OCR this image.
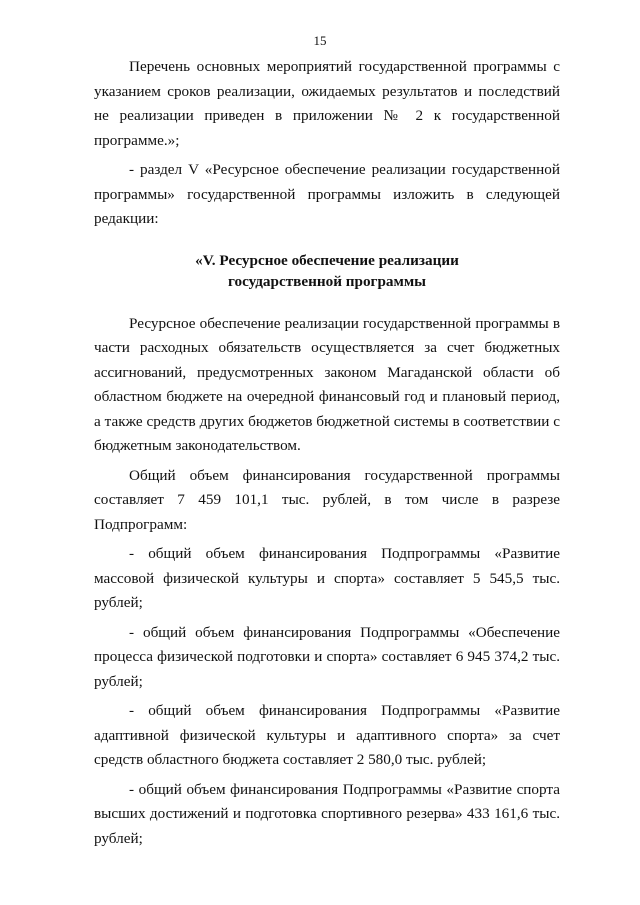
15

Перечень основных мероприятий государственной программы с указанием сроков реализации, ожидаемых результатов и последствий не реализации приведен в приложении № 2 к государственной программе.»;

- раздел V «Ресурсное обеспечение реализации государственной программы» государственной программы изложить в следующей редакции:

«V. Ресурсное обеспечение реализации
государственной программы

Ресурсное обеспечение реализации государственной программы в части расходных обязательств осуществляется за счет бюджетных ассигнований, предусмотренных законом Магаданской области об областном бюджете на очередной финансовый год и плановый период, а также средств других бюджетов бюджетной системы в соответствии с бюджетным законодательством.

Общий объем финансирования государственной программы составляет 7 459 101,1 тыс. рублей, в том числе в разрезе Подпрограмм:

- общий объем финансирования Подпрограммы «Развитие массовой физической культуры и спорта» составляет 5 545,5 тыс. рублей;

- общий объем финансирования Подпрограммы «Обеспечение процесса физической подготовки и спорта» составляет 6 945 374,2 тыс. рублей;

- общий объем финансирования Подпрограммы «Развитие адаптивной физической культуры и адаптивного спорта» за счет средств областного бюджета составляет 2 580,0 тыс. рублей;

- общий объем финансирования Подпрограммы «Развитие спорта высших достижений и подготовка спортивного резерва» 433 161,6 тыс. рублей;
